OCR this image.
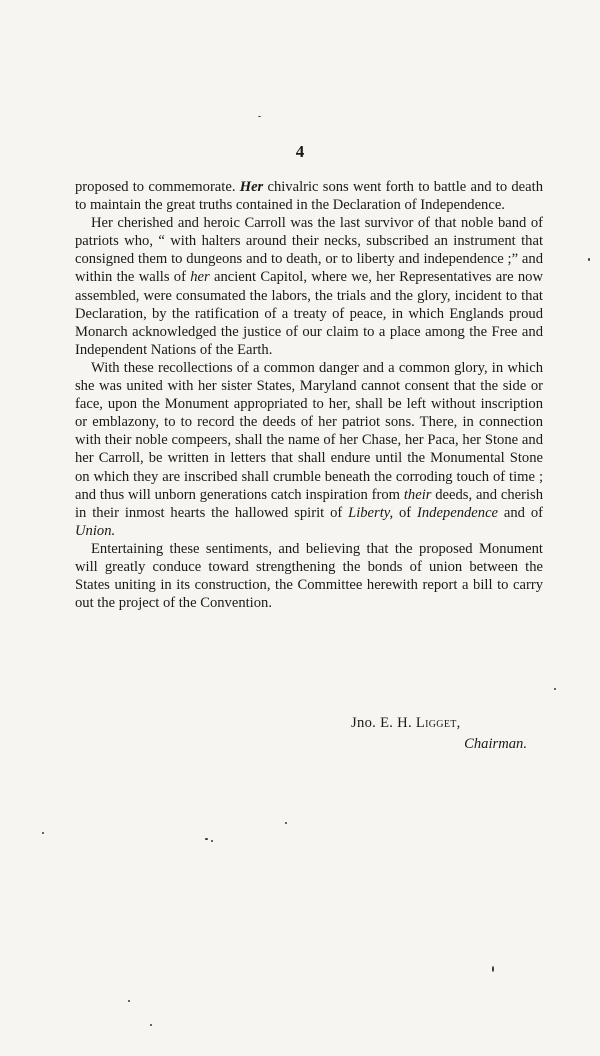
4

proposed to commemorate. Her chivalric sons went forth to battle and to death to maintain the great truths contained in the Declaration of Independence.

Her cherished and heroic Carroll was the last survivor of that noble band of patriots who, “ with halters around their necks, subscribed an instrument that consigned them to dungeons and to death, or to liberty and independence ;” and within the walls of her ancient Capitol, where we, her Representatives are now assembled, were consumated the labors, the trials and the glory, incident to that Declaration, by the ratification of a treaty of peace, in which Englands proud Monarch acknowledged the justice of our claim to a place among the Free and Independent Nations of the Earth.

With these recollections of a common danger and a common glory, in which she was united with her sister States, Maryland cannot consent that the side or face, upon the Monument appropriated to her, shall be left without inscription or emblazony, to to record the deeds of her patriot sons. There, in connection with their noble compeers, shall the name of her Chase, her Paca, her Stone and her Carroll, be written in letters that shall endure until the Monumental Stone on which they are inscribed shall crumble beneath the corroding touch of time ; and thus will unborn generations catch inspiration from their deeds, and cherish in their inmost hearts the hallowed spirit of Liberty, of Independence and of Union.

Entertaining these sentiments, and believing that the proposed Monument will greatly conduce toward strengthening the bonds of union between the States uniting in its construction, the Committee herewith report a bill to carry out the project of the Convention.

Jno. E. H. Ligget,
Chairman.
